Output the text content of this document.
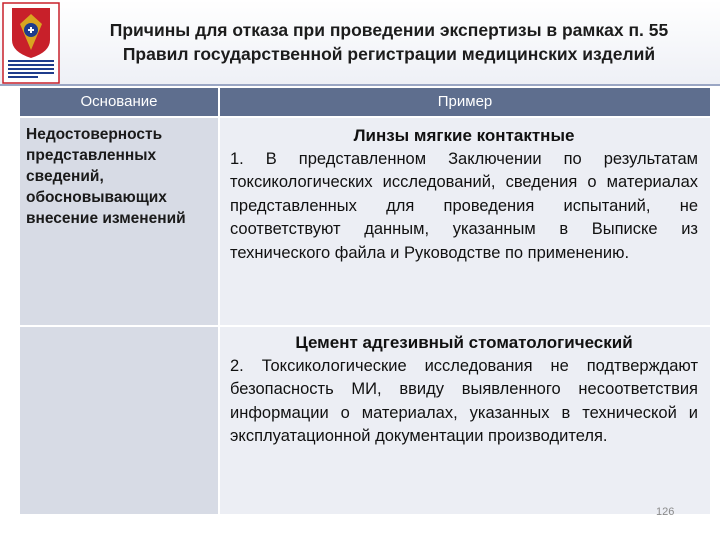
Причины для отказа при проведении экспертизы в рамках п. 55
Правил государственной регистрации медицинских изделий
Основание	Пример
Недостоверность представленных сведений, обосновывающих внесение изменений
Линзы мягкие контактные
1. В представленном Заключении по результатам токсикологических исследований, сведения о материалах представленных для проведения испытаний, не соответствуют данным, указанным в Выписке из технического файла и Руководстве по применению.
Цемент адгезивный стоматологический
2. Токсикологические исследования не подтверждают безопасность МИ, ввиду выявленного несоответствия информации о материалах, указанных в технической и эксплуатационной документации производителя.
126
